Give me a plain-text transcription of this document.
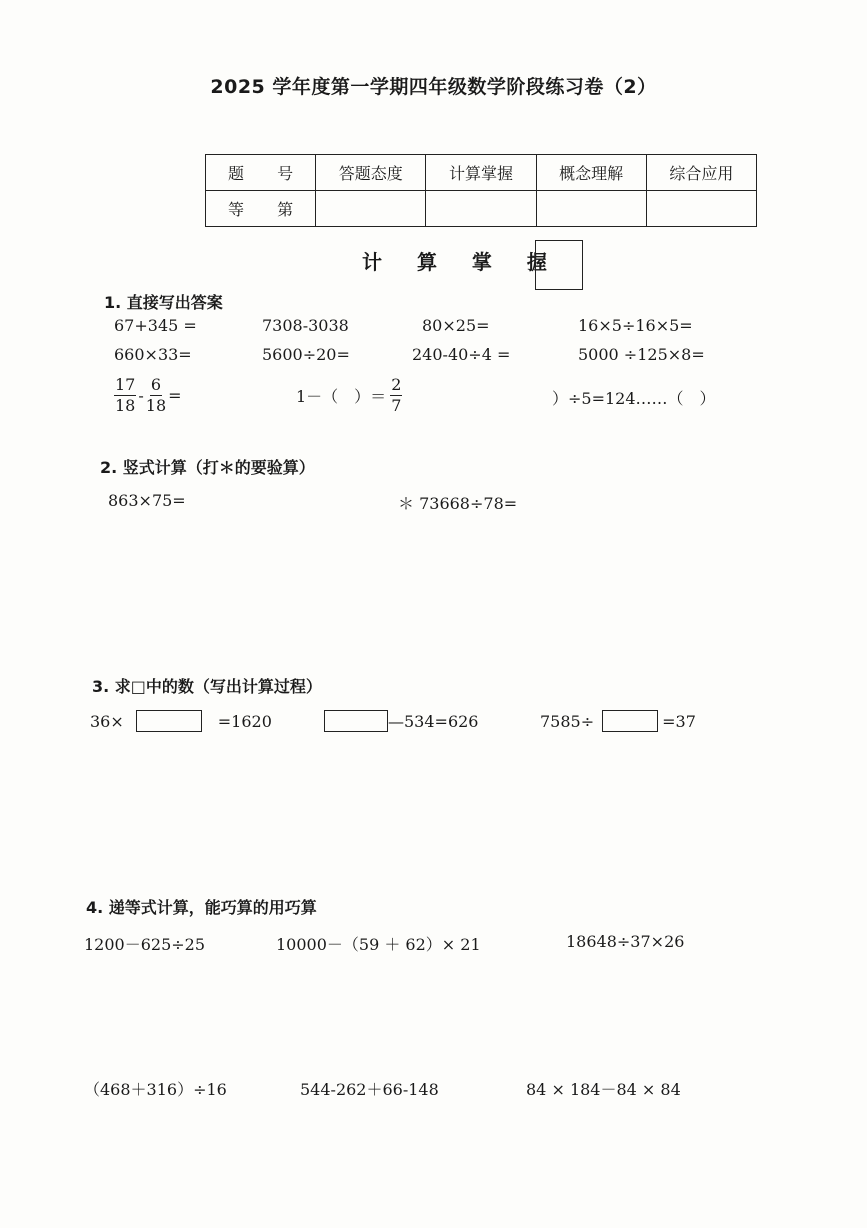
2025 学年度第一学期四年级数学阶段练习卷（2）
题 号	答题态度	计算掌握	概念理解	综合应用

等 第				

计 算 掌 握
1. 直接写出答案
67+345 =	7308-3038	80×25=	16×5÷16×5=
660×33=	5600÷20=	240-40÷4 =	5000 ÷125×8=
$\frac{17}{18} - \frac{6}{18}$ =	1－（　）＝ $\frac{2}{7}$	）÷5=124……（　）
2. 竖式计算（打＊的要验算）
863×75=	＊ 73668÷78=
3. 求□中的数（写出计算过程）
36×	=1620	—534=626	7585÷	=37
4. 递等式计算，能巧算的用巧算
1200－625÷25	10000－（59 ＋ 62）× 21	18648÷37×26
（468＋316）÷16	544-262＋66-148	84 × 184－84 × 84
